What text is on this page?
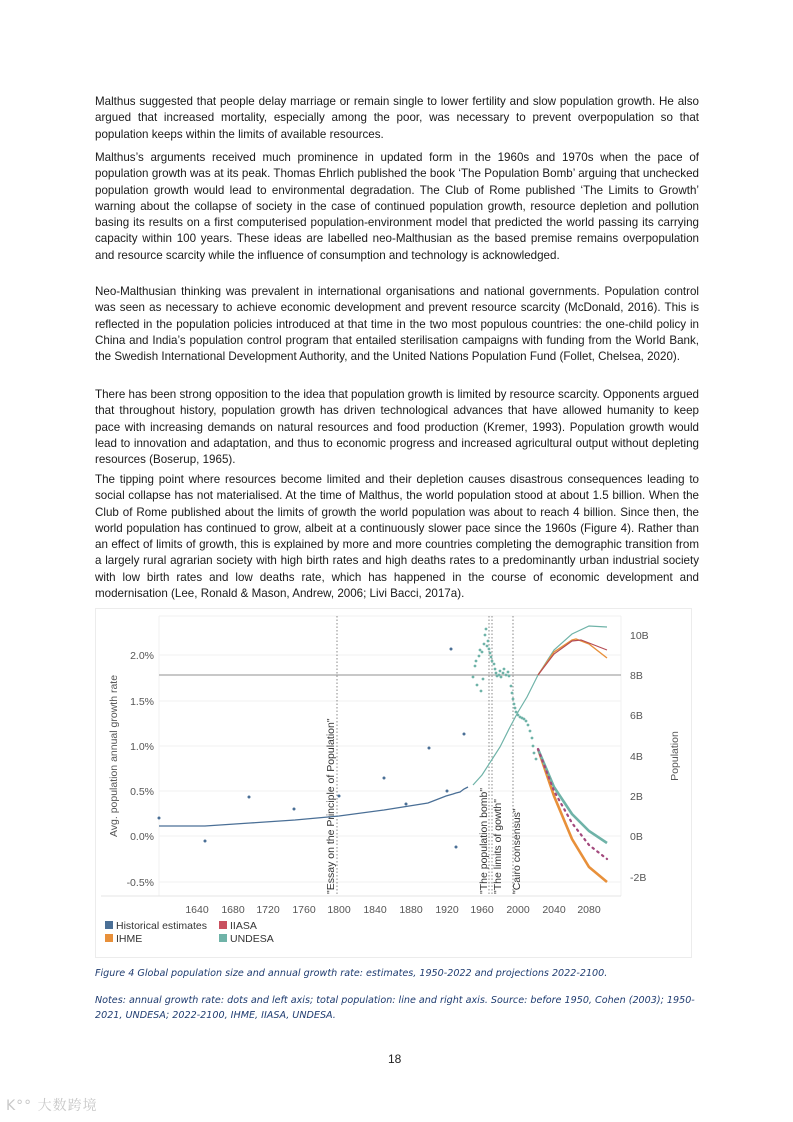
Malthus suggested that people delay marriage or remain single to lower fertility and slow population growth. He also argued that increased mortality, especially among the poor, was necessary to prevent overpopulation so that population keeps within the limits of available resources.

Malthus’s arguments received much prominence in updated form in the 1960s and 1970s when the pace of population growth was at its peak. Thomas Ehrlich published the book ‘The Population Bomb’ arguing that unchecked population growth would lead to environmental degradation. The Club of Rome published ‘The Limits to Growth’ warning about the collapse of society in the case of continued population growth, resource depletion and pollution basing its results on a first computerised population-environment model that predicted the world passing its carrying capacity within 100 years. These ideas are labelled neo-Malthusian as the based premise remains overpopulation and resource scarcity while the influence of consumption and technology is acknowledged.

Neo-Malthusian thinking was prevalent in international organisations and national governments. Population control was seen as necessary to achieve economic development and prevent resource scarcity (McDonald, 2016). This is reflected in the population policies introduced at that time in the two most populous countries: the one-child policy in China and India’s population control program that entailed sterilisation campaigns with funding from the World Bank, the Swedish International Development Authority, and the United Nations Population Fund (Follet, Chelsea, 2020).

There has been strong opposition to the idea that population growth is limited by resource scarcity. Opponents argued that throughout history, population growth has driven technological advances that have allowed humanity to keep pace with increasing demands on natural resources and food production (Kremer, 1993). Population growth would lead to innovation and adaptation, and thus to economic progress and increased agricultural output without depleting resources (Boserup, 1965).

The tipping point where resources become limited and their depletion causes disastrous consequences leading to social collapse has not materialised. At the time of Malthus, the world population stood at about 1.5 billion. When the Club of Rome published about the limits of growth the world population was about to reach 4 billion. Since then, the world population has continued to grow, albeit at a continuously slower pace since the 1960s (Figure 4). Rather than an effect of limits of growth, this is explained by more and more countries completing the demographic transition from a largely rural agrarian society with high birth rates and high deaths rates to a predominantly urban industrial society with low birth rates and low deaths rate, which has happened in the course of economic development and modernisation (Lee, Ronald & Mason, Andrew, 2006; Livi Bacci, 2017a).

2.0%
1.5%
1.0%
0.5%
0.0%
-0.5%
Avg. population annual growth rate
10B
8B
6B
4B
2B
0B
-2B
Population
1640 1680 1720 1760 1800 1840 1880 1920 1960 2000 2040 2080
"Essay on the Principle of Population"	"The population bomb" "The limits of gowth" "Cairo consensus"
Historical estimates IIASA
IHME	UNDESA

Figure 4 Global population size and annual growth rate: estimates, 1950-2022 and projections 2022-2100.

Notes: annual growth rate: dots and left axis; total population: line and right axis. Source: before 1950, Cohen (2003); 1950-2021, UNDESA; 2022-2100, IHME, IIASA, UNDESA.

18
K°° 大数跨境
